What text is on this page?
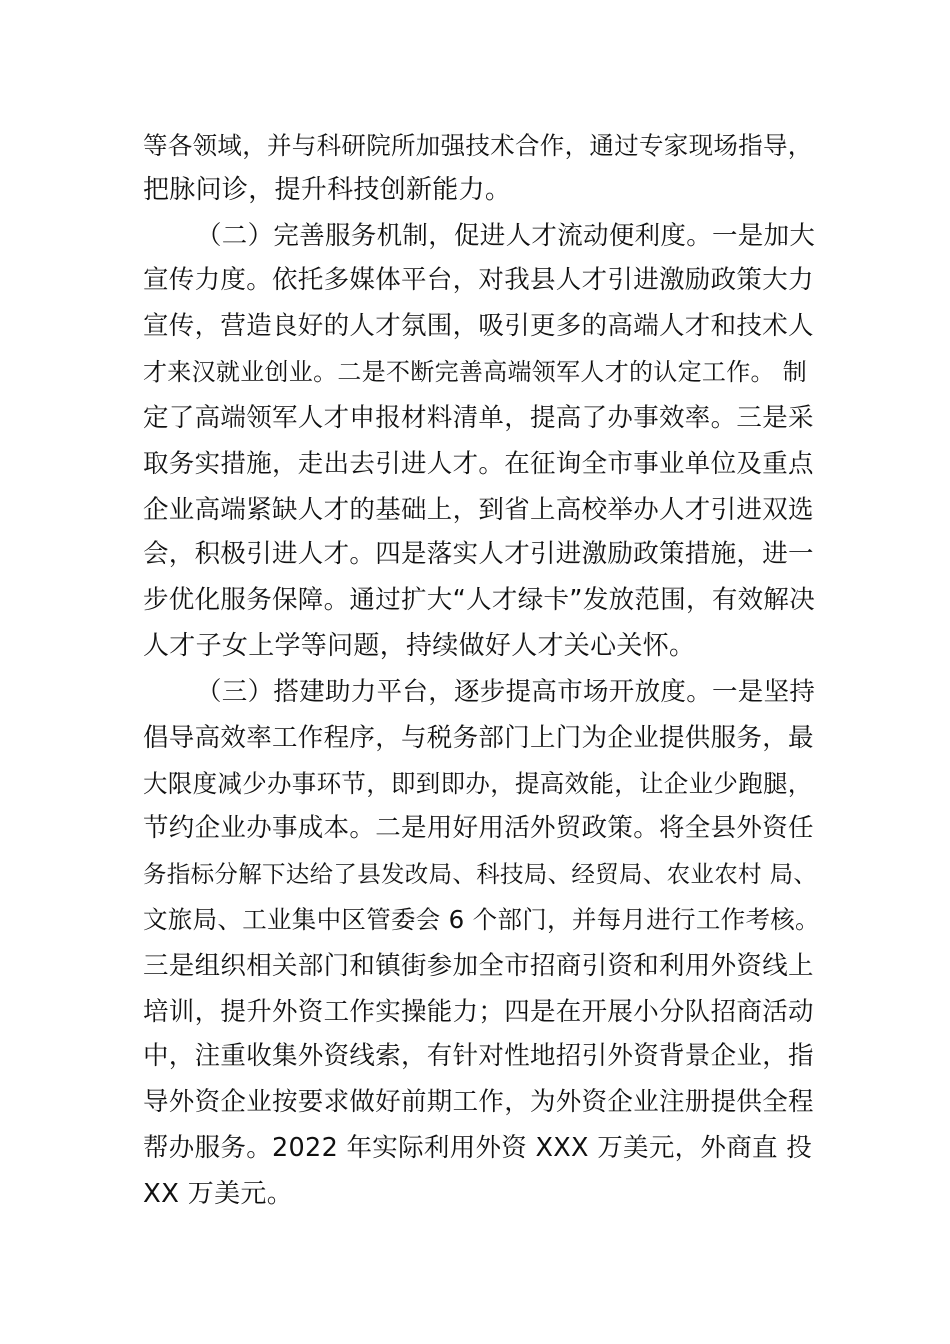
等各领域，并与科研院所加强技术合作，通过专家现场指导，
把脉问诊，提升科技创新能力。
（二）完善服务机制，促进人才流动便利度。一是加大
宣传力度。依托多媒体平台，对我县人才引进激励政策大力
宣传，营造良好的人才氛围，吸引更多的高端人才和技术人
才来汉就业创业。二是不断完善高端领军人才的认定工作。 制
定了高端领军人才申报材料清单，提高了办事效率。三是采
取务实措施，走出去引进人才。在征询全市事业单位及重点
企业高端紧缺人才的基础上，到省上高校举办人才引进双选
会，积极引进人才。四是落实人才引进激励政策措施，进一
步优化服务保障。通过扩大“人才绿卡”发放范围，有效解决
人才子女上学等问题，持续做好人才关心关怀。
（三）搭建助力平台，逐步提高市场开放度。一是坚持
倡导高效率工作程序，与税务部门上门为企业提供服务，最
大限度减少办事环节，即到即办，提高效能，让企业少跑腿，
节约企业办事成本。二是用好用活外贸政策。将全县外资任
务指标分解下达给了县发改局、科技局、经贸局、农业农村 局、
文旅局、工业集中区管委会 6 个部门，并每月进行工作考核。
三是组织相关部门和镇街参加全市招商引资和利用外资线上
培训，提升外资工作实操能力；四是在开展小分队招商活动
中，注重收集外资线索，有针对性地招引外资背景企业，指
导外资企业按要求做好前期工作，为外资企业注册提供全程
帮办服务。2022 年实际利用外资 XXX 万美元，外商直 投
XX 万美元。
